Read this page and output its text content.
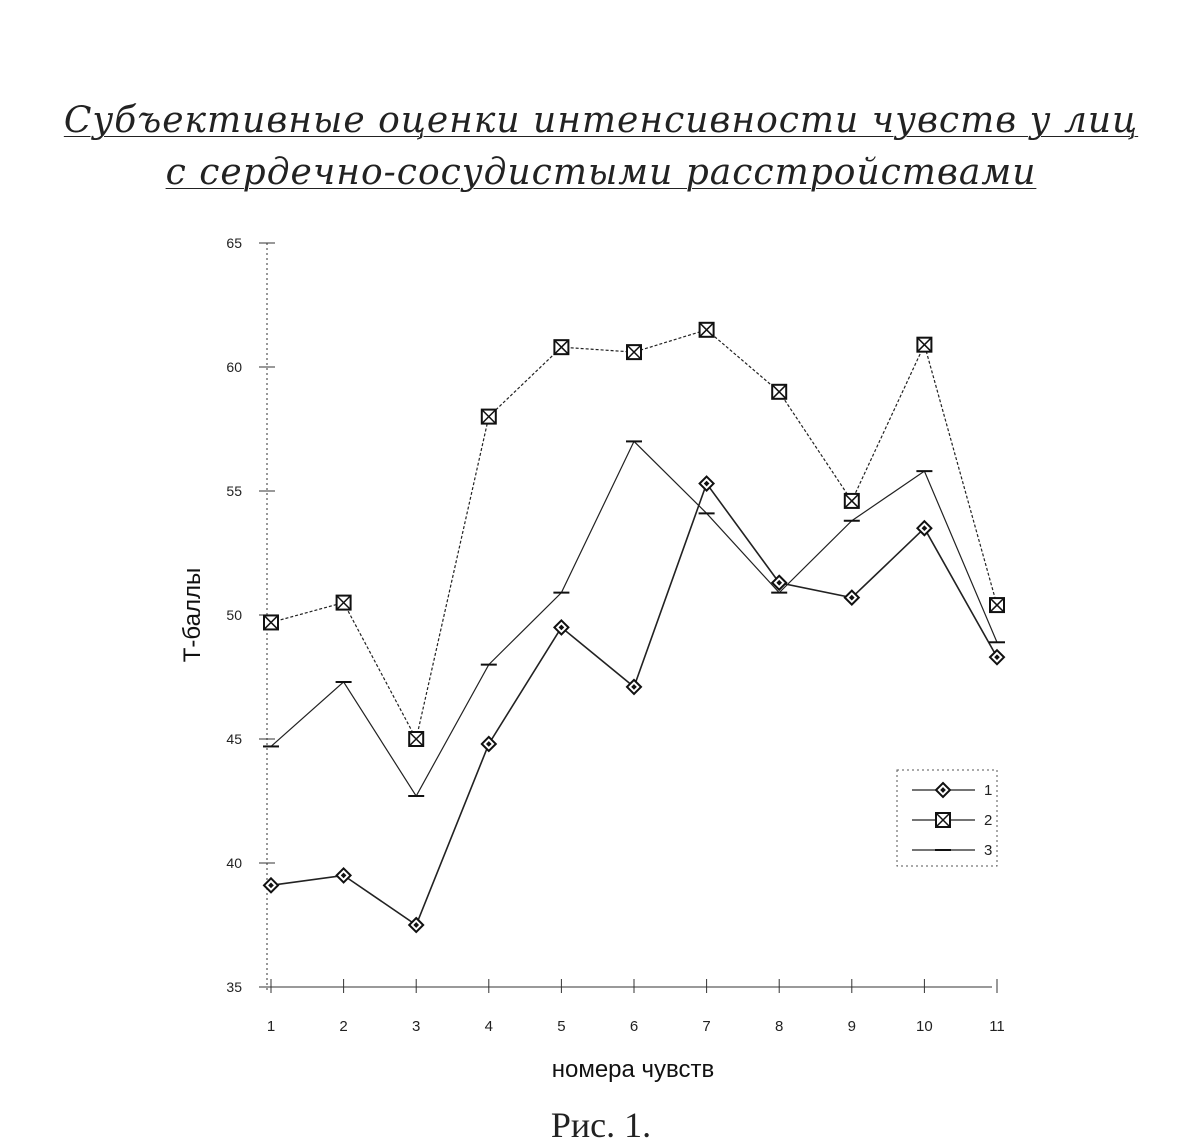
Субъективные оценки интенсивности чувств у лиц
с сердечно-сосудистыми расстройствами
35
40
45
50
55
60
65
1	2	3	4	5	6	7	8	9	10	11
1
2
3
номера чувств
Т-баллы
Рис. 1.
